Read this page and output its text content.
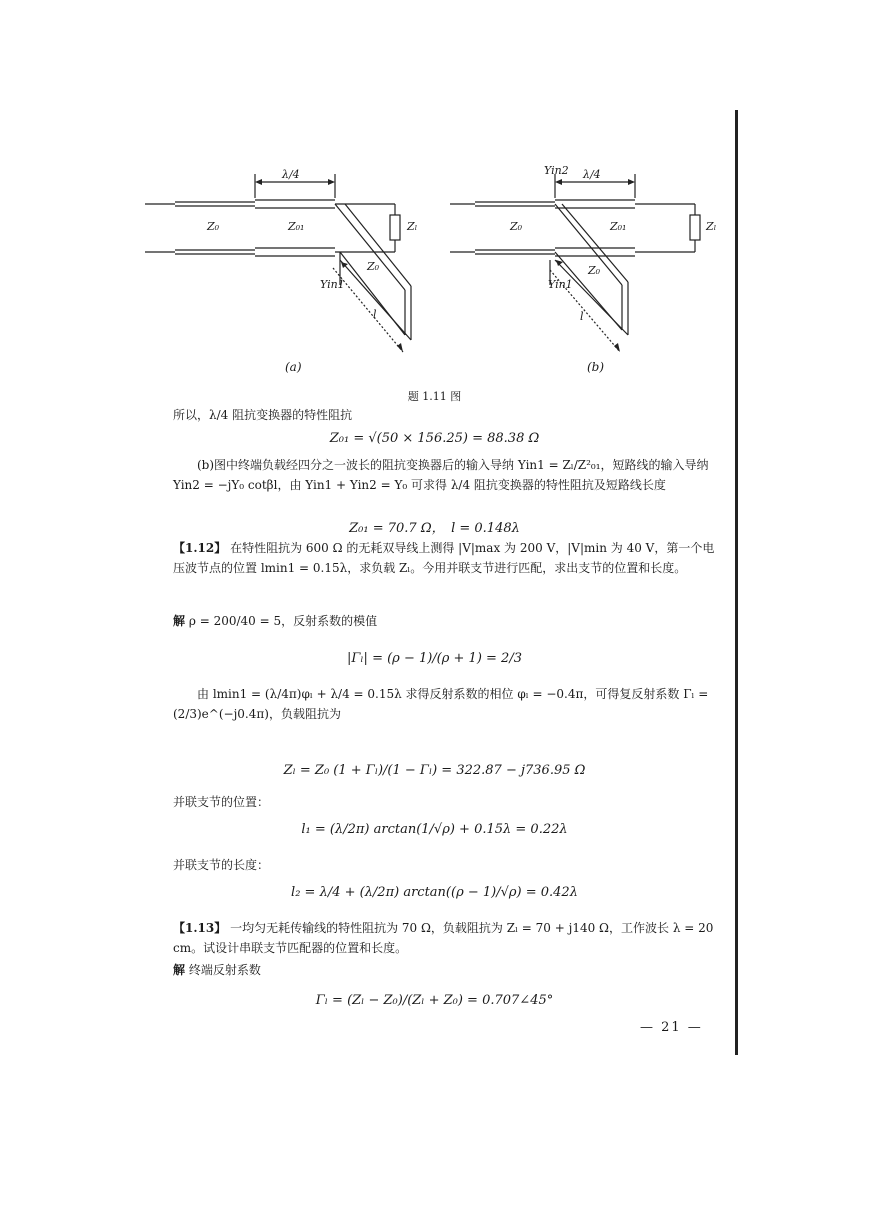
λ/4
Z₀	Z₀₁	Zₗ
Z₀
Yin1
l
(a)
Yin2 λ/4
Z₀	Z₀₁	Zₗ
Z₀
Yin1
l
(b)
题 1.11 图

所以，λ/4 阻抗变换器的特性阻抗

Z₀₁ = √(50 × 156.25) = 88.38 Ω

(b)图中终端负载经四分之一波长的阻抗变换器后的输入导纳 Yin1 = Zₗ/Z²₀₁，短路线的输入导纳 Yin2 = −jY₀ cotβl，由 Yin1 + Yin2 = Y₀ 可求得 λ/4 阻抗变换器的特性阻抗及短路线长度

Z₀₁ = 70.7 Ω，　l = 0.148λ

【1.12】 在特性阻抗为 600 Ω 的无耗双导线上测得 |V|max 为 200 V，|V|min 为 40 V，第一个电压波节点的位置 lmin1 = 0.15λ，求负载 Zₗ。今用并联支节进行匹配，求出支节的位置和长度。

解 ρ = 200/40 = 5，反射系数的模值

|Γₗ| = (ρ − 1)/(ρ + 1) = 2/3

由 lmin1 = (λ/4π)φₗ + λ/4 = 0.15λ 求得反射系数的相位 φₗ = −0.4π，可得复反射系数 Γₗ = (2/3)e^(−j0.4π)，负载阻抗为

Zₗ = Z₀ (1 + Γₗ)/(1 − Γₗ) = 322.87 − j736.95 Ω

并联支节的位置：

l₁ = (λ/2π) arctan(1/√ρ) + 0.15λ = 0.22λ

并联支节的长度：

l₂ = λ/4 + (λ/2π) arctan((ρ − 1)/√ρ) = 0.42λ

【1.13】 一均匀无耗传输线的特性阻抗为 70 Ω，负载阻抗为 Zₗ = 70 + j140 Ω，工作波长 λ = 20 cm。试设计串联支节匹配器的位置和长度。

解 终端反射系数

Γₗ = (Zₗ − Z₀)/(Zₗ + Z₀) = 0.707∠45°
— 21 —
